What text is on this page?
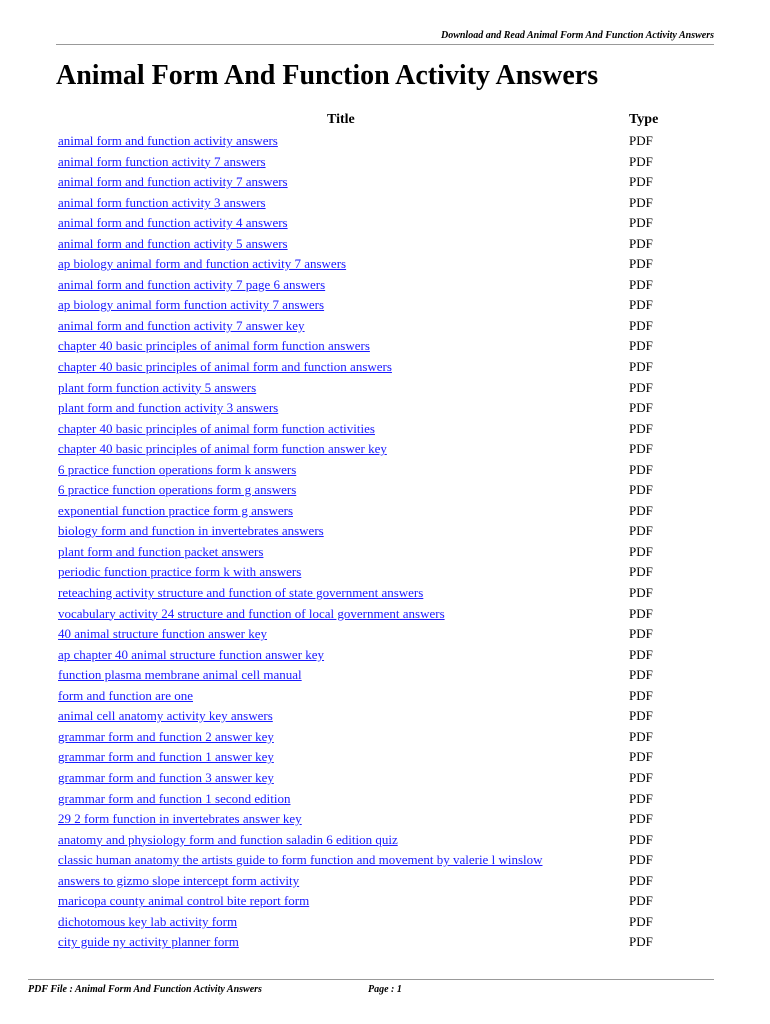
Download and Read Animal Form And Function Activity Answers
Animal Form And Function Activity Answers
Title	Type
animal form and function activity answers	PDF
animal form function activity 7 answers	PDF
animal form and function activity 7 answers	PDF
animal form function activity 3 answers	PDF
animal form and function activity 4 answers	PDF
animal form and function activity 5 answers	PDF
ap biology animal form and function activity 7 answers	PDF
animal form and function activity 7 page 6 answers	PDF
ap biology animal form function activity 7 answers	PDF
animal form and function activity 7 answer key	PDF
chapter 40 basic principles of animal form function answers	PDF
chapter 40 basic principles of animal form and function answers	PDF
plant form function activity 5 answers	PDF
plant form and function activity 3 answers	PDF
chapter 40 basic principles of animal form function activities	PDF
chapter 40 basic principles of animal form function answer key	PDF
6 practice function operations form k answers	PDF
6 practice function operations form g answers	PDF
exponential function practice form g answers	PDF
biology form and function in invertebrates answers	PDF
plant form and function packet answers	PDF
periodic function practice form k with answers	PDF
reteaching activity structure and function of state government answers	PDF
vocabulary activity 24 structure and function of local government answers	PDF
40 animal structure function answer key	PDF
ap chapter 40 animal structure function answer key	PDF
function plasma membrane animal cell manual	PDF
form and function are one	PDF
animal cell anatomy activity key answers	PDF
grammar form and function 2 answer key	PDF
grammar form and function 1 answer key	PDF
grammar form and function 3 answer key	PDF
grammar form and function 1 second edition	PDF
29 2 form function in invertebrates answer key	PDF
anatomy and physiology form and function saladin 6 edition quiz	PDF
classic human anatomy the artists guide to form function and movement by valerie l winslow	PDF
answers to gizmo slope intercept form activity	PDF
maricopa county animal control bite report form	PDF
dichotomous key lab activity form	PDF
city guide ny activity planner form	PDF
PDF File : Animal Form And Function Activity Answers	Page : 1
